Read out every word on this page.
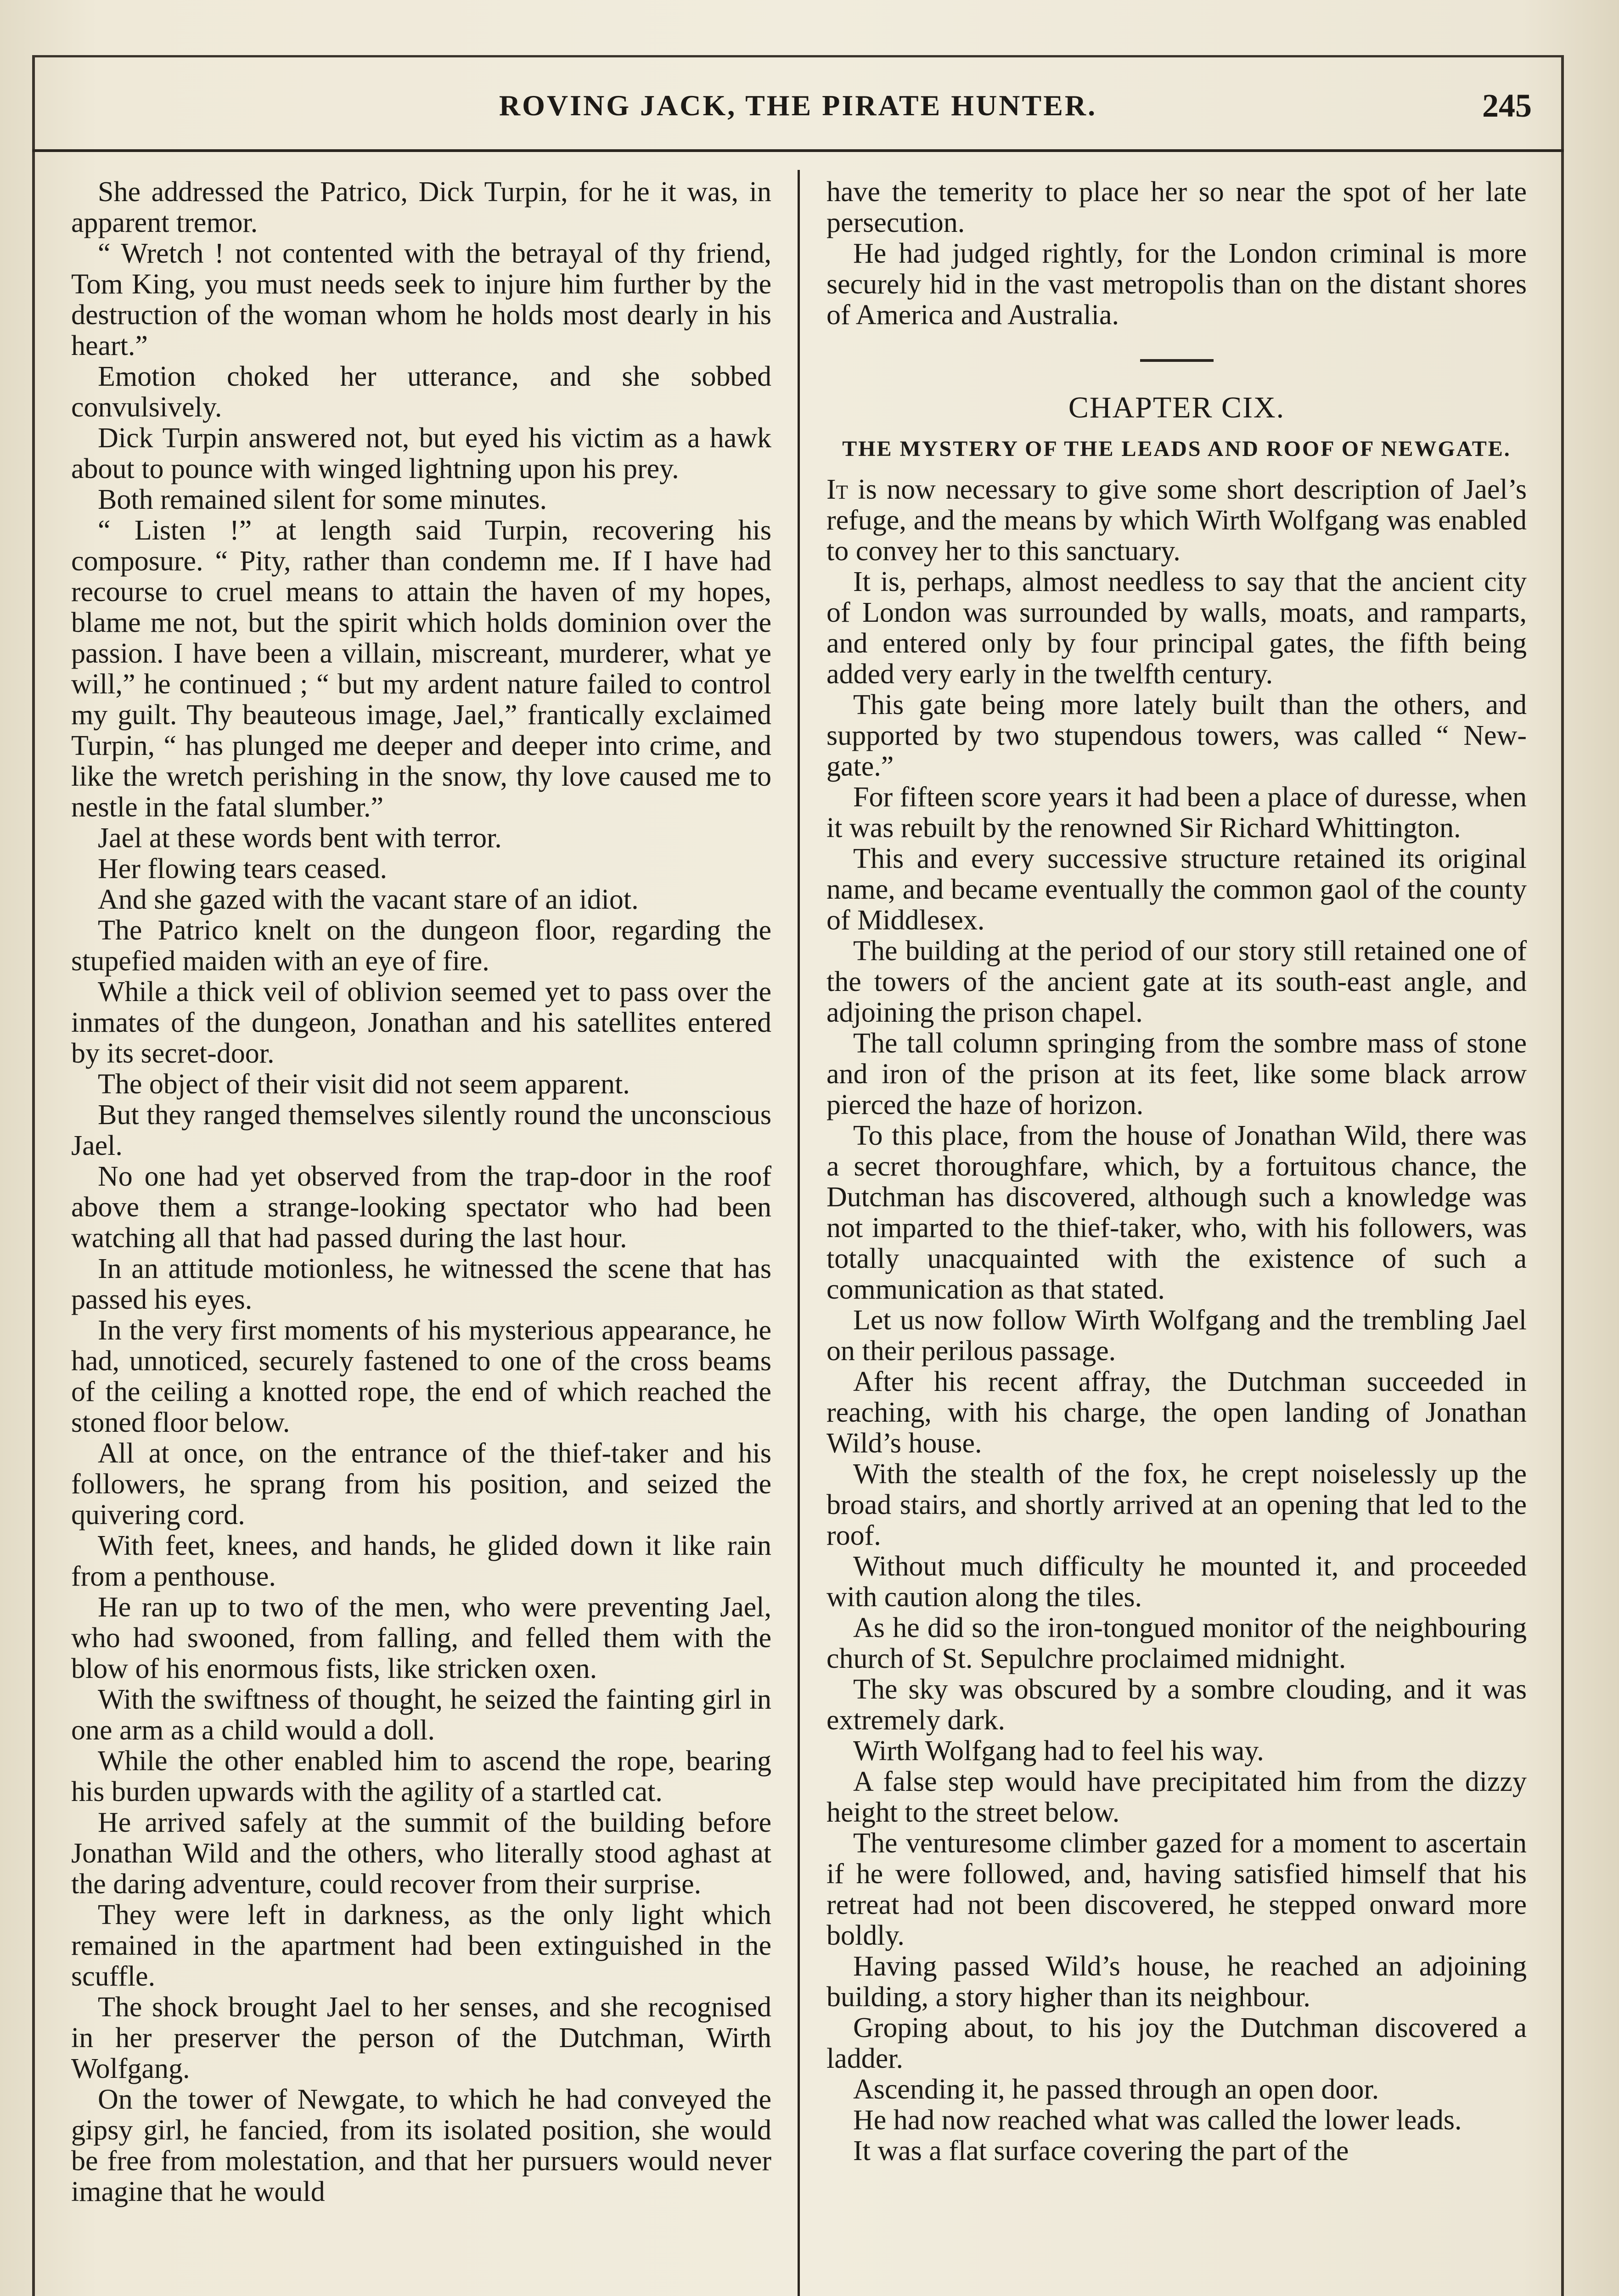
ROVING JACK, THE PIRATE HUNTER.	245

She addressed the Patrico, Dick Turpin, for he it was, in apparent tremor.

“ Wretch ! not contented with the betrayal of thy friend, Tom King, you must needs seek to injure him further by the destruction of the woman whom he holds most dearly in his heart.”

Emotion choked her utterance, and she sobbed convulsively.

Dick Turpin answered not, but eyed his victim as a hawk about to pounce with winged lightning upon his prey.

Both remained silent for some minutes.

“ Listen !” at length said Turpin, recovering his composure. “ Pity, rather than condemn me. If I have had recourse to cruel means to attain the haven of my hopes, blame me not, but the spirit which holds dominion over the passion. I have been a villain, miscreant, murderer, what ye will,” he continued ; “ but my ardent nature failed to control my guilt. Thy beauteous image, Jael,” frantically exclaimed Turpin, “ has plunged me deeper and deeper into crime, and like the wretch perishing in the snow, thy love caused me to nestle in the fatal slumber.”

Jael at these words bent with terror.

Her flowing tears ceased.

And she gazed with the vacant stare of an idiot.

The Patrico knelt on the dungeon floor, regarding the stupefied maiden with an eye of fire.

While a thick veil of oblivion seemed yet to pass over the inmates of the dungeon, Jonathan and his satellites entered by its secret-door.

The object of their visit did not seem apparent.

But they ranged themselves silently round the unconscious Jael.

No one had yet observed from the trap-door in the roof above them a strange-looking spectator who had been watching all that had passed during the last hour.

In an attitude motionless, he witnessed the scene that has passed his eyes.

In the very first moments of his mysterious appearance, he had, unnoticed, securely fastened to one of the cross beams of the ceiling a knotted rope, the end of which reached the stoned floor below.

All at once, on the entrance of the thief-taker and his followers, he sprang from his position, and seized the quivering cord.

With feet, knees, and hands, he glided down it like rain from a penthouse.

He ran up to two of the men, who were preventing Jael, who had swooned, from falling, and felled them with the blow of his enormous fists, like stricken oxen.

With the swiftness of thought, he seized the fainting girl in one arm as a child would a doll.

While the other enabled him to ascend the rope, bearing his burden upwards with the agility of a startled cat.

He arrived safely at the summit of the building before Jonathan Wild and the others, who literally stood aghast at the daring adventure, could recover from their surprise.

They were left in darkness, as the only light which remained in the apartment had been extinguished in the scuffle.

The shock brought Jael to her senses, and she recognised in her preserver the person of the Dutchman, Wirth Wolfgang.

On the tower of Newgate, to which he had conveyed the gipsy girl, he fancied, from its isolated position, she would be free from molestation, and that her pursuers would never imagine that he would

have the temerity to place her so near the spot of her late persecution.

He had judged rightly, for the London criminal is more securely hid in the vast metropolis than on the distant shores of America and Australia.

CHAPTER CIX.
THE MYSTERY OF THE LEADS AND ROOF OF NEWGATE.

It is now necessary to give some short description of Jael’s refuge, and the means by which Wirth Wolfgang was enabled to convey her to this sanctuary.

It is, perhaps, almost needless to say that the ancient city of London was surrounded by walls, moats, and ramparts, and entered only by four principal gates, the fifth being added very early in the twelfth century.

This gate being more lately built than the others, and supported by two stupendous towers, was called “ New-gate.”

For fifteen score years it had been a place of duresse, when it was rebuilt by the renowned Sir Richard Whittington.

This and every successive structure retained its original name, and became eventually the common gaol of the county of Middlesex.

The building at the period of our story still retained one of the towers of the ancient gate at its south-east angle, and adjoining the prison chapel.

The tall column springing from the sombre mass of stone and iron of the prison at its feet, like some black arrow pierced the haze of horizon.

To this place, from the house of Jonathan Wild, there was a secret thoroughfare, which, by a fortuitous chance, the Dutchman has discovered, although such a knowledge was not imparted to the thief-taker, who, with his followers, was totally unacquainted with the existence of such a communication as that stated.

Let us now follow Wirth Wolfgang and the trembling Jael on their perilous passage.

After his recent affray, the Dutchman succeeded in reaching, with his charge, the open landing of Jonathan Wild’s house.

With the stealth of the fox, he crept noiselessly up the broad stairs, and shortly arrived at an opening that led to the roof.

Without much difficulty he mounted it, and proceeded with caution along the tiles.

As he did so the iron-tongued monitor of the neighbouring church of St. Sepulchre proclaimed midnight.

The sky was obscured by a sombre clouding, and it was extremely dark.

Wirth Wolfgang had to feel his way.

A false step would have precipitated him from the dizzy height to the street below.

The venturesome climber gazed for a moment to ascertain if he were followed, and, having satisfied himself that his retreat had not been discovered, he stepped onward more boldly.

Having passed Wild’s house, he reached an adjoining building, a story higher than its neighbour.

Groping about, to his joy the Dutchman discovered a ladder.

Ascending it, he passed through an open door.

He had now reached what was called the lower leads.

It was a flat surface covering the part of the
